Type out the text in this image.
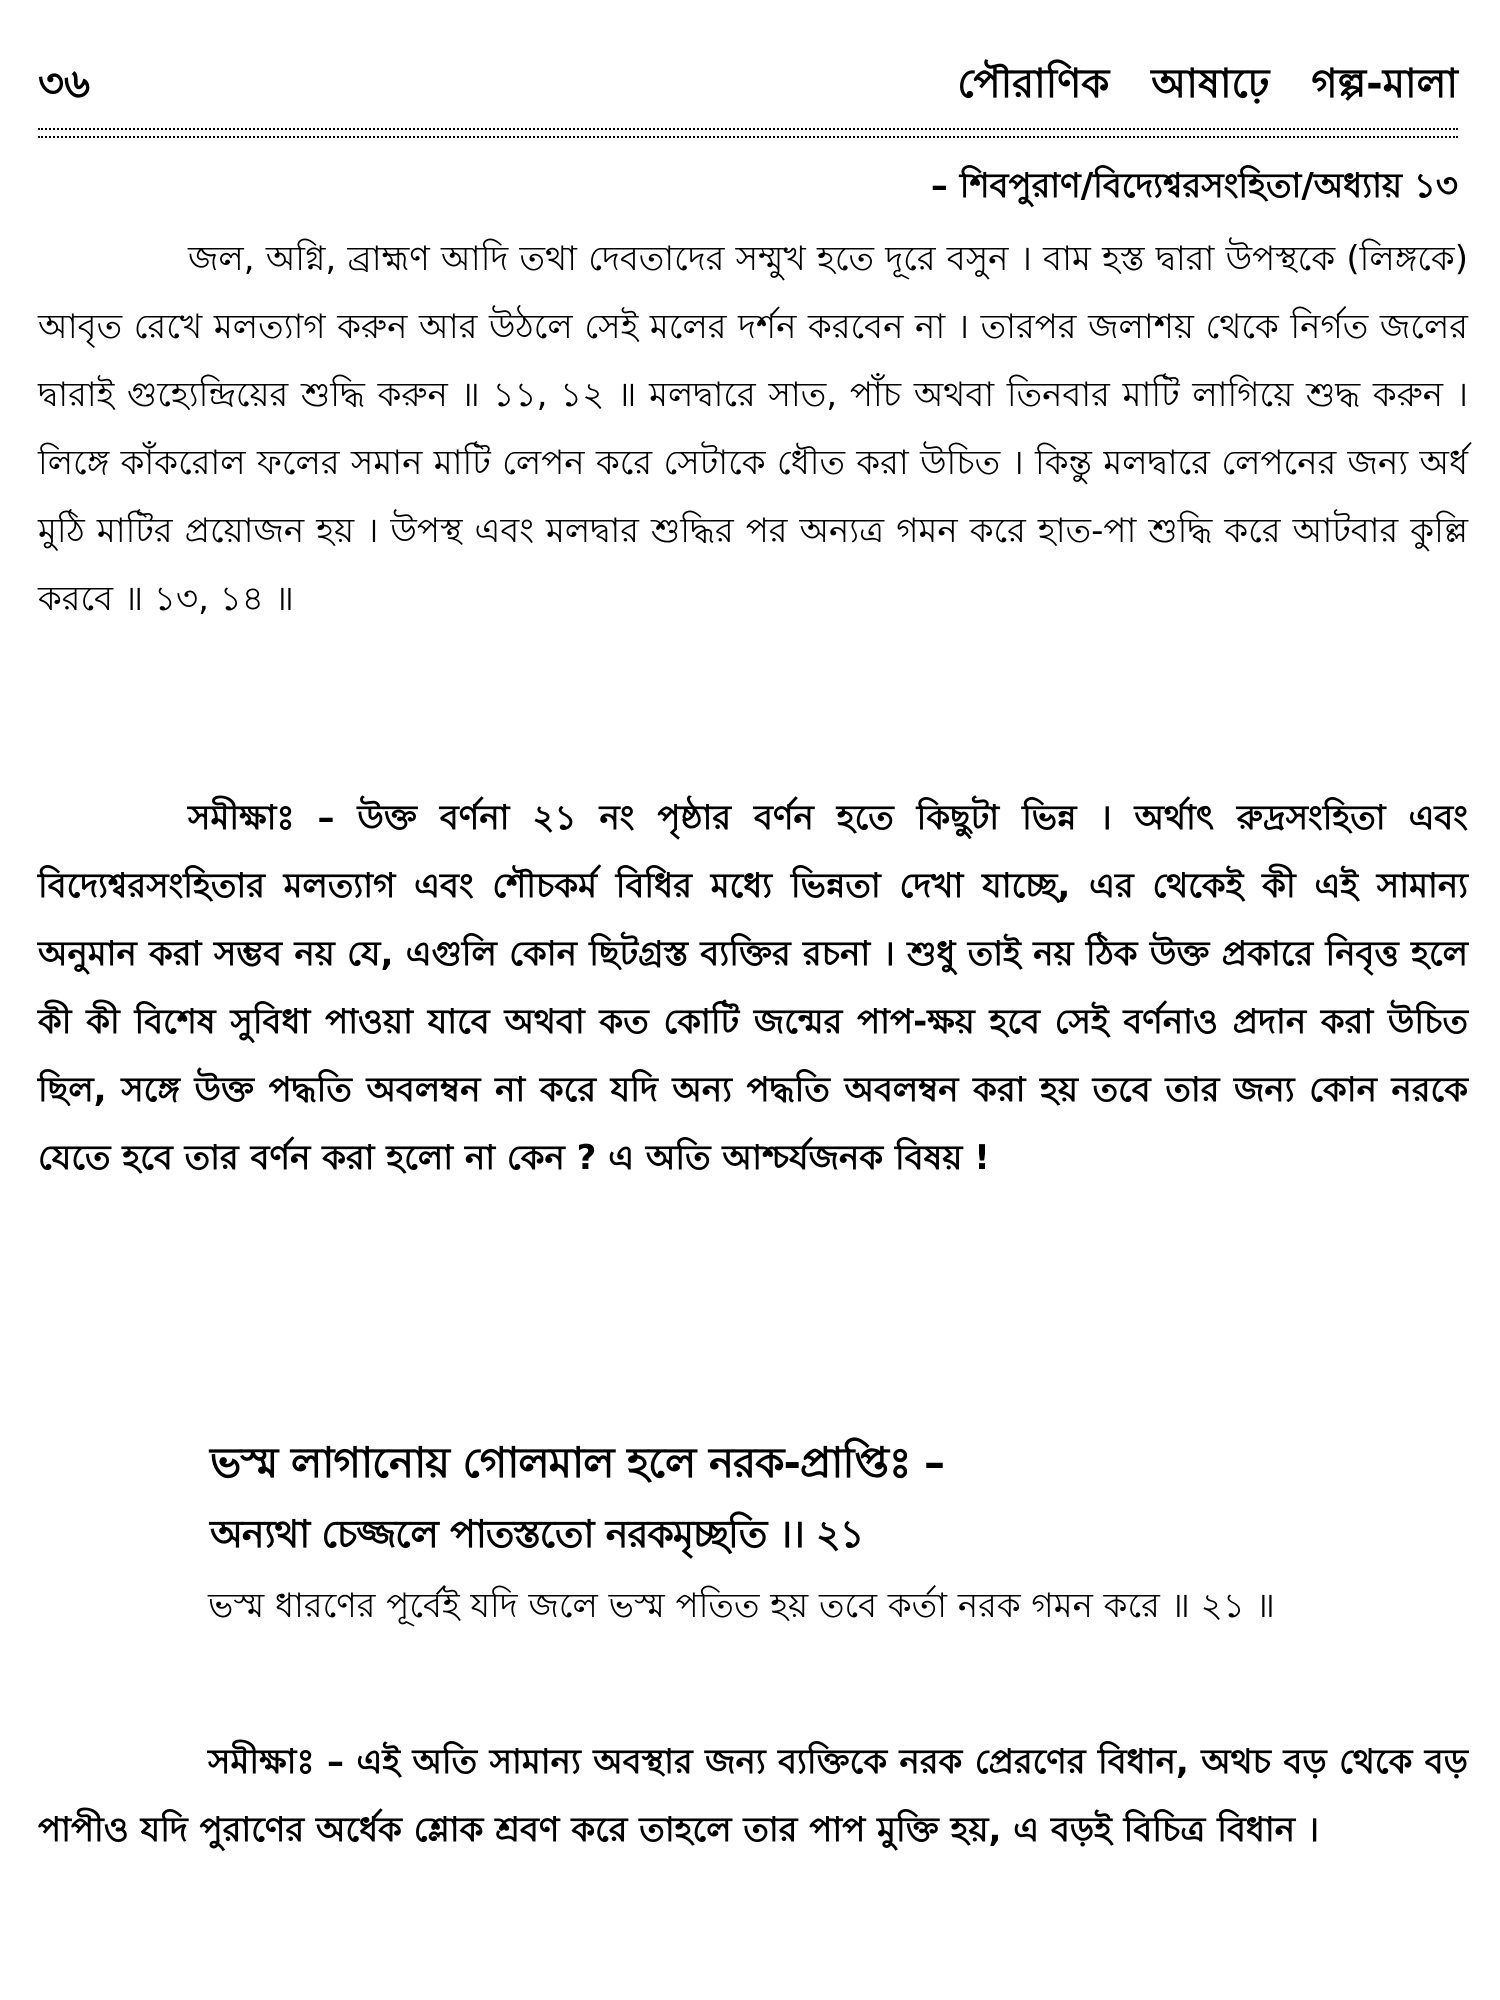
৩৬	পৌরাণিক আষাঢ়ে গল্প-মালা
– শিবপুরাণ/বিদ্যেশ্বরসংহিতা/অধ্যায় ১৩
জল, অগ্নি, ব্রাহ্মণ আদি তথা দেবতাদের সম্মুখ হতে দূরে বসুন । বাম হস্ত দ্বারা উপস্থকে (লিঙ্গকে) আবৃত রেখে মলত্যাগ করুন আর উঠলে সেই মলের দর্শন করবেন না । তারপর জলাশয় থেকে নির্গত জলের দ্বারাই গুহ্যেন্দ্রিয়ের শুদ্ধি করুন ॥ ১১, ১২ ॥ মলদ্বারে সাত, পাঁচ অথবা তিনবার মাটি লাগিয়ে শুদ্ধ করুন । লিঙ্গে কাঁকরোল ফলের সমান মাটি লেপন করে সেটাকে ধৌত করা উচিত । কিন্তু মলদ্বারে লেপনের জন্য অর্ধ মুঠি মাটির প্রয়োজন হয় । উপস্থ এবং মলদ্বার শুদ্ধির পর অন্যত্র গমন করে হাত-পা শুদ্ধি করে আটবার কুল্লি করবে ॥ ১৩, ১৪ ॥
সমীক্ষাঃ – উক্ত বর্ণনা ২১ নং পৃষ্ঠার বর্ণন হতে কিছুটা ভিন্ন । অর্থাৎ রুদ্রসংহিতা এবং বিদ্যেশ্বরসংহিতার মলত্যাগ এবং শৌচকর্ম বিধির মধ্যে ভিন্নতা দেখা যাচ্ছে, এর থেকেই কী এই সামান্য অনুমান করা সম্ভব নয় যে, এগুলি কোন ছিটগ্রস্ত ব্যক্তির রচনা । শুধু তাই নয় ঠিক উক্ত প্রকারে নিবৃত্ত হলে কী কী বিশেষ সুবিধা পাওয়া যাবে অথবা কত কোটি জন্মের পাপ-ক্ষয় হবে সেই বর্ণনাও প্রদান করা উচিত ছিল, সঙ্গে উক্ত পদ্ধতি অবলম্বন না করে যদি অন্য পদ্ধতি অবলম্বন করা হয় তবে তার জন্য কোন নরকে যেতে হবে তার বর্ণন করা হলো না কেন ? এ অতি আশ্চর্যজনক বিষয় !
ভস্ম লাগানোয় গোলমাল হলে নরক-প্রাপ্তিঃ –
অন্যথা চেজ্জলে পাতস্ততো নরকমৃচ্ছতি ।। ২১
ভস্ম ধারণের পূর্বেই যদি জলে ভস্ম পতিত হয় তবে কর্তা নরক গমন করে ॥ ২১ ॥
সমীক্ষাঃ – এই অতি সামান্য অবস্থার জন্য ব্যক্তিকে নরক প্রেরণের বিধান, অথচ বড় থেকে বড় পাপীও যদি পুরাণের অর্ধেক শ্লোক শ্রবণ করে তাহলে তার পাপ মুক্তি হয়, এ বড়ই বিচিত্র বিধান ।
